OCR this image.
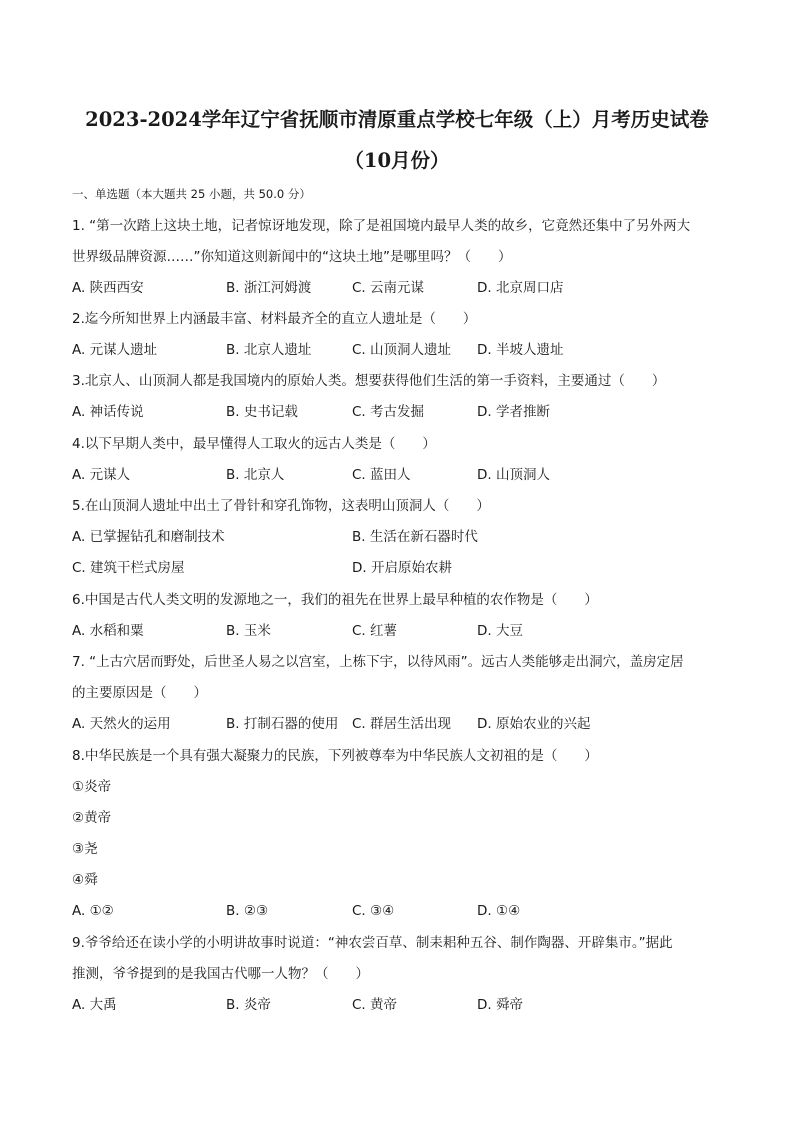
2023-2024学年辽宁省抚顺市清原重点学校七年级（上）月考历史试卷
（10月份）
一、单选题（本大题共 25 小题，共 50.0 分）
1. “第一次踏上这块土地，记者惊讶地发现，除了是祖国境内最早人类的故乡，它竟然还集中了另外两大
世界级品牌资源……”你知道这则新闻中的“这块土地”是哪里吗？（　　）
A. 陕西西安	B. 浙江河姆渡	C. 云南元谋	D. 北京周口店
2.迄今所知世界上内涵最丰富、材料最齐全的直立人遗址是（　　）
A. 元谋人遗址	B. 北京人遗址	C. 山顶洞人遗址 D. 半坡人遗址
3.北京人、山顶洞人都是我国境内的原始人类。想要获得他们生活的第一手资料，主要通过（　　）
A. 神话传说	B. 史书记载	C. 考古发掘	D. 学者推断
4.以下早期人类中，最早懂得人工取火的远古人类是（　　）
A. 元谋人	B. 北京人	C. 蓝田人	D. 山顶洞人
5.在山顶洞人遗址中出土了骨针和穿孔饰物，这表明山顶洞人（　　）
A. 已掌握钻孔和磨制技术	B. 生活在新石器时代
C. 建筑干栏式房屋	D. 开启原始农耕
6.中国是古代人类文明的发源地之一，我们的祖先在世界上最早种植的农作物是（　　）
A. 水稻和粟	B. 玉米	C. 红薯	D. 大豆
7. “上古穴居而野处，后世圣人易之以宫室，上栋下宇，以待风雨”。远古人类能够走出洞穴，盖房定居
的主要原因是（　　）
A. 天然火的运用	B. 打制石器的使用 C. 群居生活出现 D. 原始农业的兴起
8.中华民族是一个具有强大凝聚力的民族，下列被尊奉为中华民族人文初祖的是（　　）
①炎帝
②黄帝
③尧
④舜
A. ①②	B. ②③	C. ③④	D. ①④
9.爷爷给还在读小学的小明讲故事时说道：“神农尝百草、制耒耜种五谷、制作陶器、开辟集市。”据此
推测，爷爷提到的是我国古代哪一人物？（　　）
A. 大禹	B. 炎帝	C. 黄帝	D. 舜帝
